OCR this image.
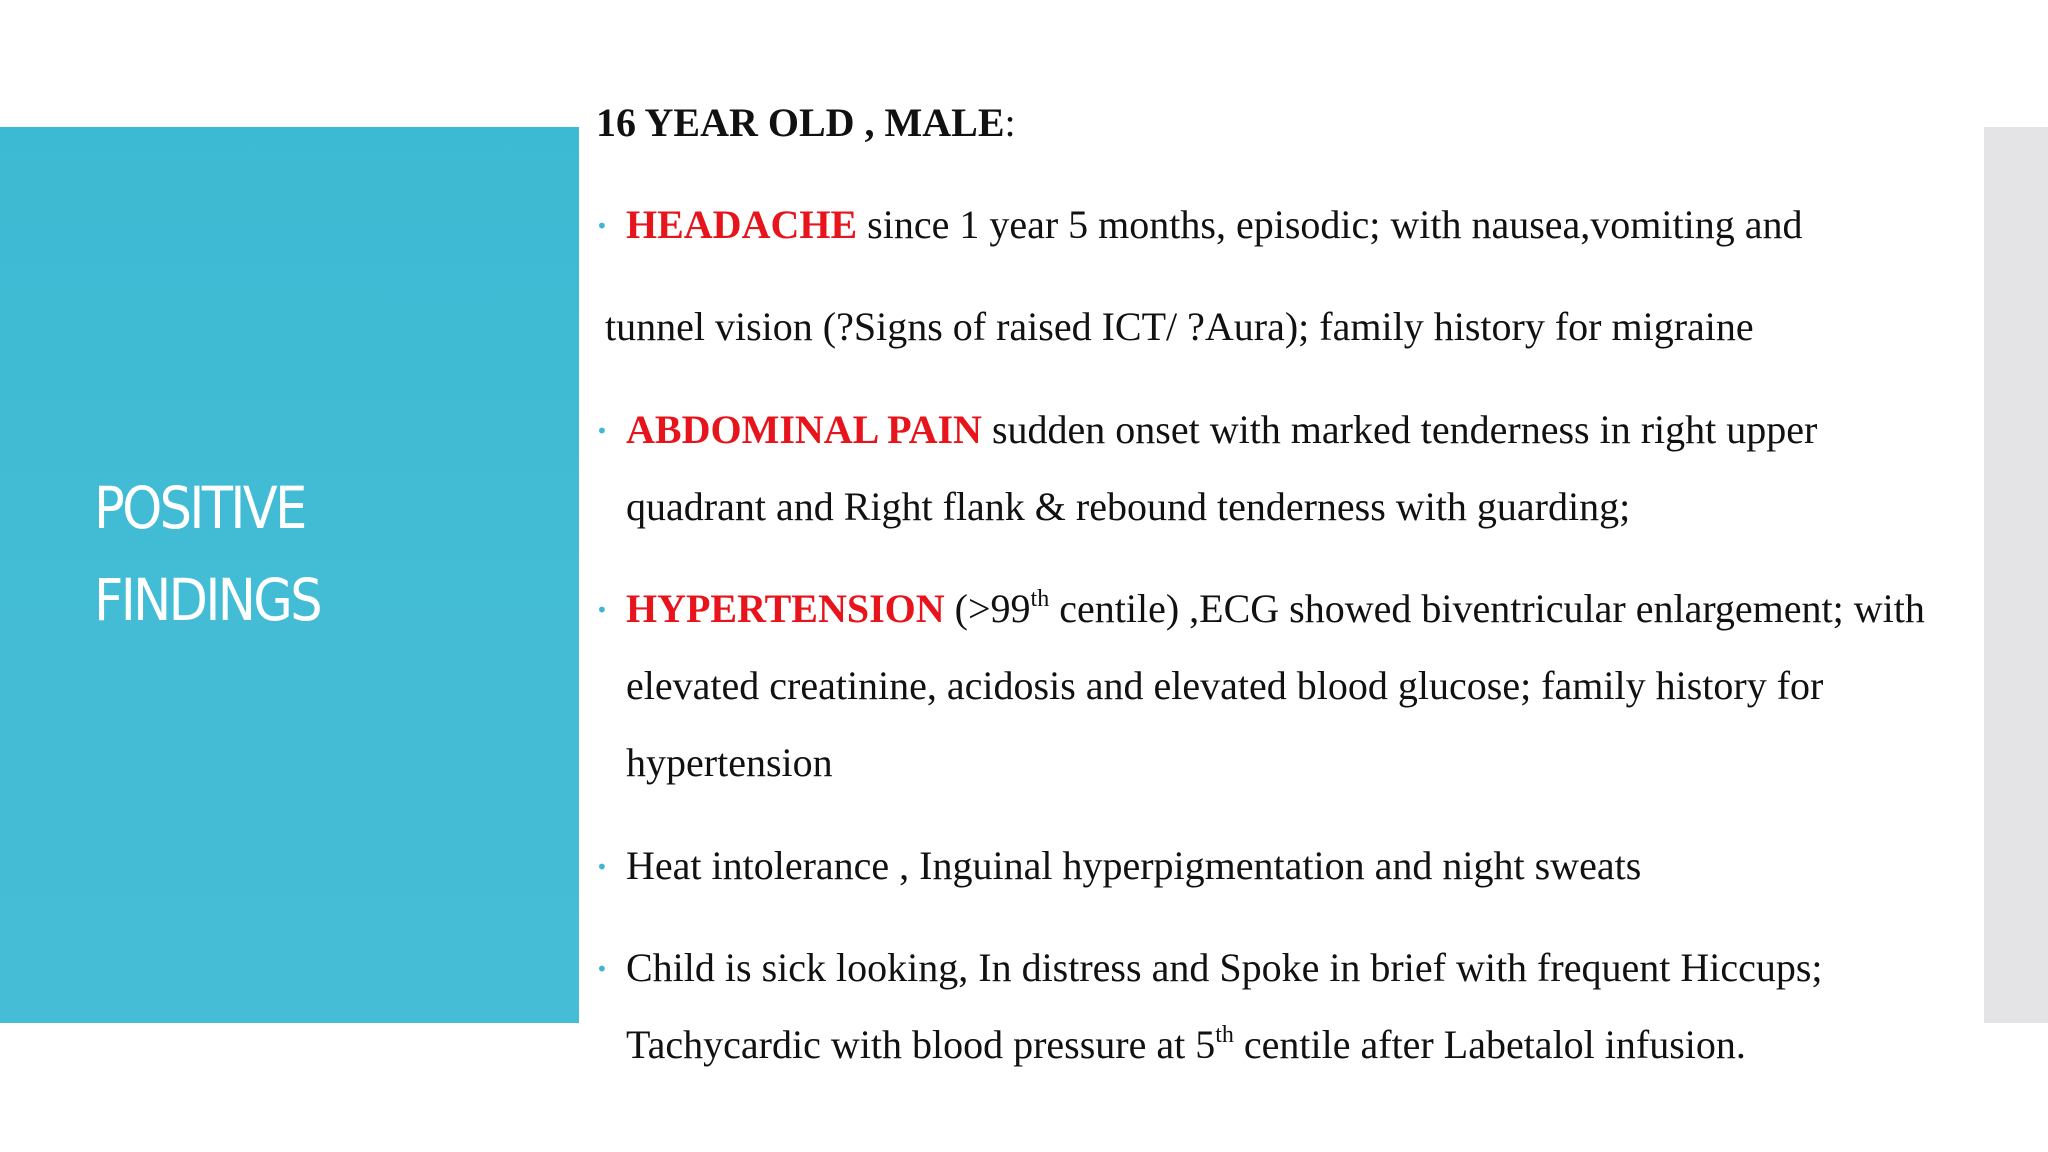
POSITIVE
FINDINGS
16 YEAR OLD , MALE:
• HEADACHE since 1 year 5 months, episodic; with nausea,vomiting and
tunnel vision (?Signs of raised ICT/ ?Aura); family history for migraine
• ABDOMINAL PAIN sudden onset with marked tenderness in right upper
quadrant and Right flank & rebound tenderness with guarding;
• HYPERTENSION (>99th centile) ,ECG showed biventricular enlargement; with
elevated creatinine, acidosis and elevated blood glucose; family history for
hypertension
• Heat intolerance , Inguinal hyperpigmentation and night sweats
• Child is sick looking, In distress and Spoke in brief with frequent Hiccups;
Tachycardic with blood pressure at 5th centile after Labetalol infusion.
